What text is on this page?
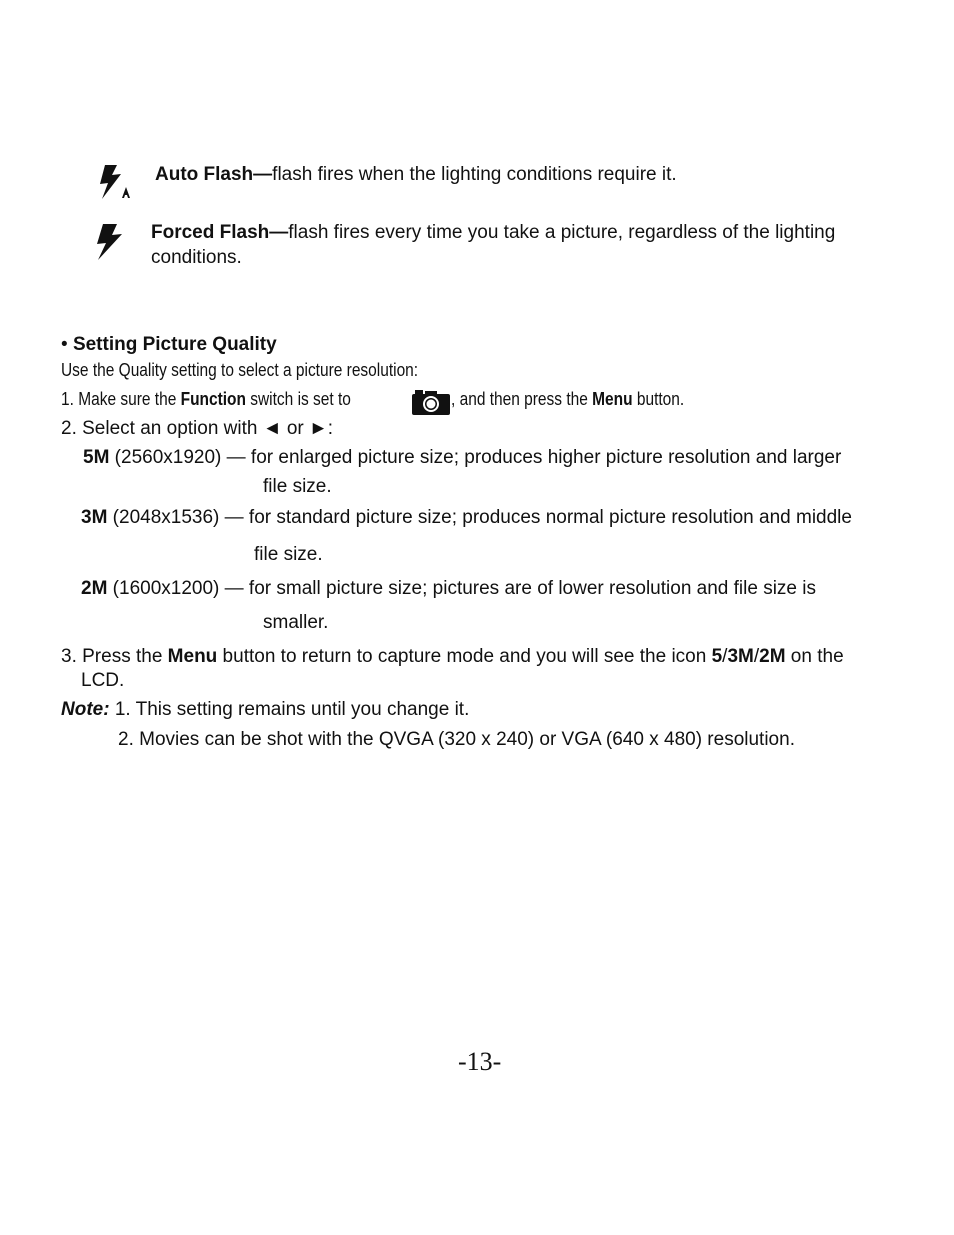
Auto Flash—flash fires when the lighting conditions require it.
Forced Flash—flash fires every time you take a picture, regardless of the lighting
conditions.
• Setting Picture Quality
Use the Quality setting to select a picture resolution:
1. Make sure the Function switch is set to	, and then press the Menu button.
2. Select an option with ◄ or ►:
5M (2560x1920) — for enlarged picture size; produces higher picture resolution and larger
file size.
3M (2048x1536) — for standard picture size; produces normal picture resolution and middle
file size.
2M (1600x1200) — for small picture size; pictures are of lower resolution and file size is
smaller.
3. Press the Menu button to return to capture mode and you will see the icon 5/3M/2M on the
LCD.
Note: 1. This setting remains until you change it.
2. Movies can be shot with the QVGA (320 x 240) or VGA (640 x 480) resolution.
-13-
